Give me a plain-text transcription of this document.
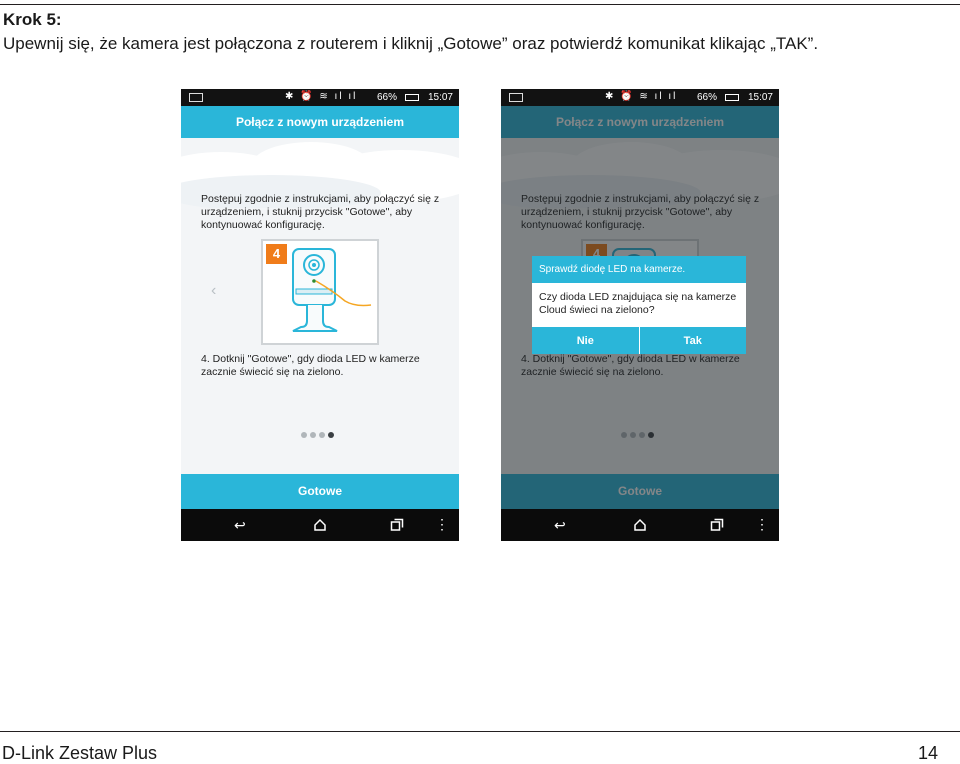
Krok 5:
Upewnij się, że kamera jest połączona z routerem i kliknij „Gotowe” oraz potwierdź komunikat klikając „TAK”.
✱ ⏰ ≋ ıl ıl 66%	15:07
Połącz z nowym urządzeniem
Postępuj zgodnie z instrukcjami, aby połączyć się z urządzeniem, i stuknij przycisk "Gotowe", aby kontynuować konfigurację.
‹
4
4. Dotknij "Gotowe", gdy dioda LED w kamerze zacznie świecić się na zielono.
Gotowe
↩	⋮
✱ ⏰ ≋ ıl ıl 66%	15:07
↩	⋮
Sprawdź diodę LED na kamerze.
Czy dioda LED znajdująca się na kamerze Cloud świeci na zielono?
Nie	Tak
D-Link Zestaw Plus	14
